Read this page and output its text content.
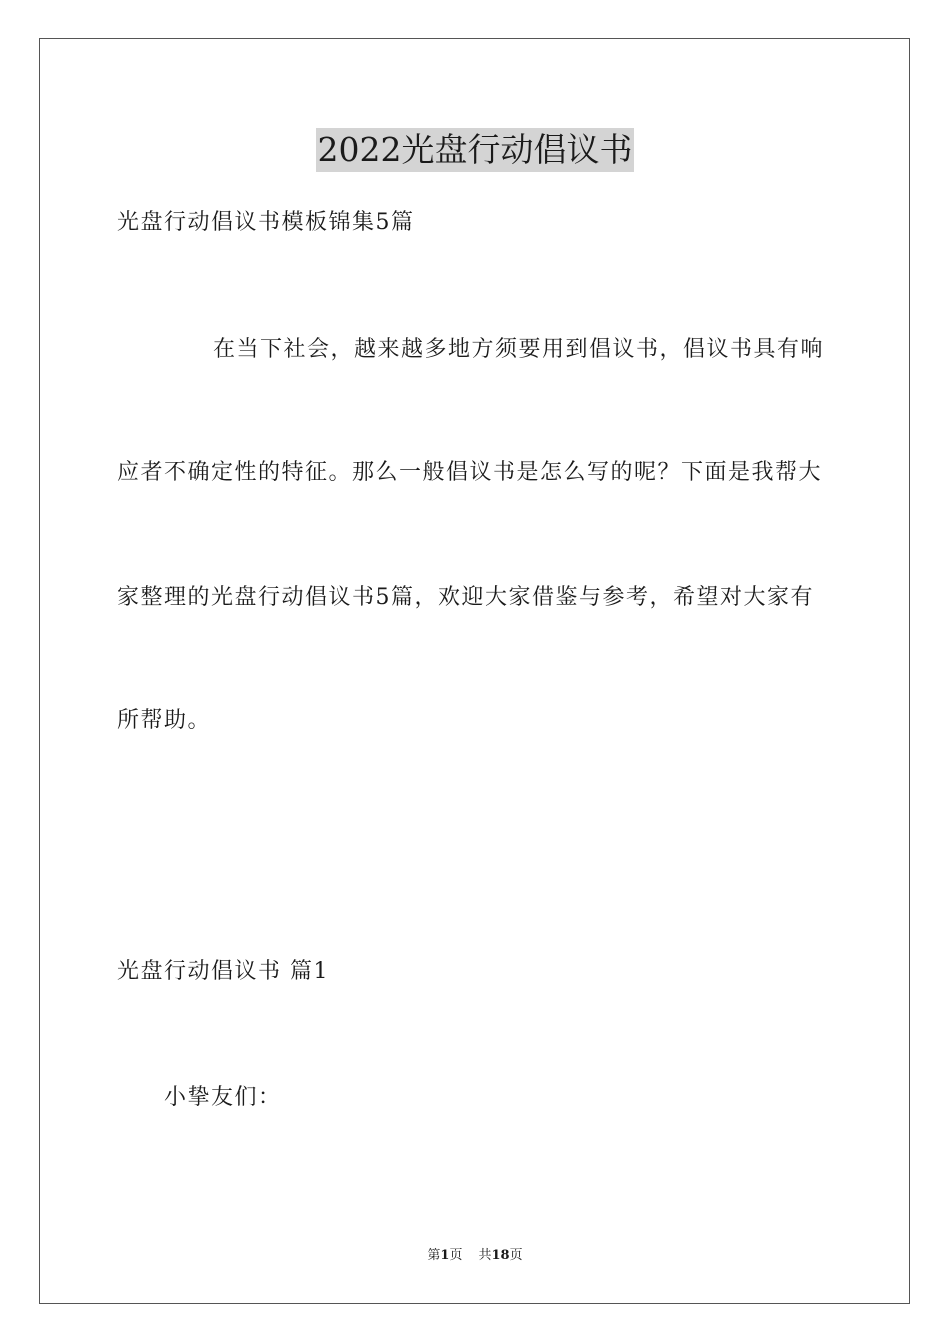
2022光盘行动倡议书
光盘行动倡议书模板锦集5篇
在当下社会，越来越多地方须要用到倡议书，倡议书具有响
应者不确定性的特征。那么一般倡议书是怎么写的呢？下面是我帮大
家整理的光盘行动倡议书5篇，欢迎大家借鉴与参考，希望对大家有
所帮助。
光盘行动倡议书 篇1
小挚友们：
第1页 共18页
